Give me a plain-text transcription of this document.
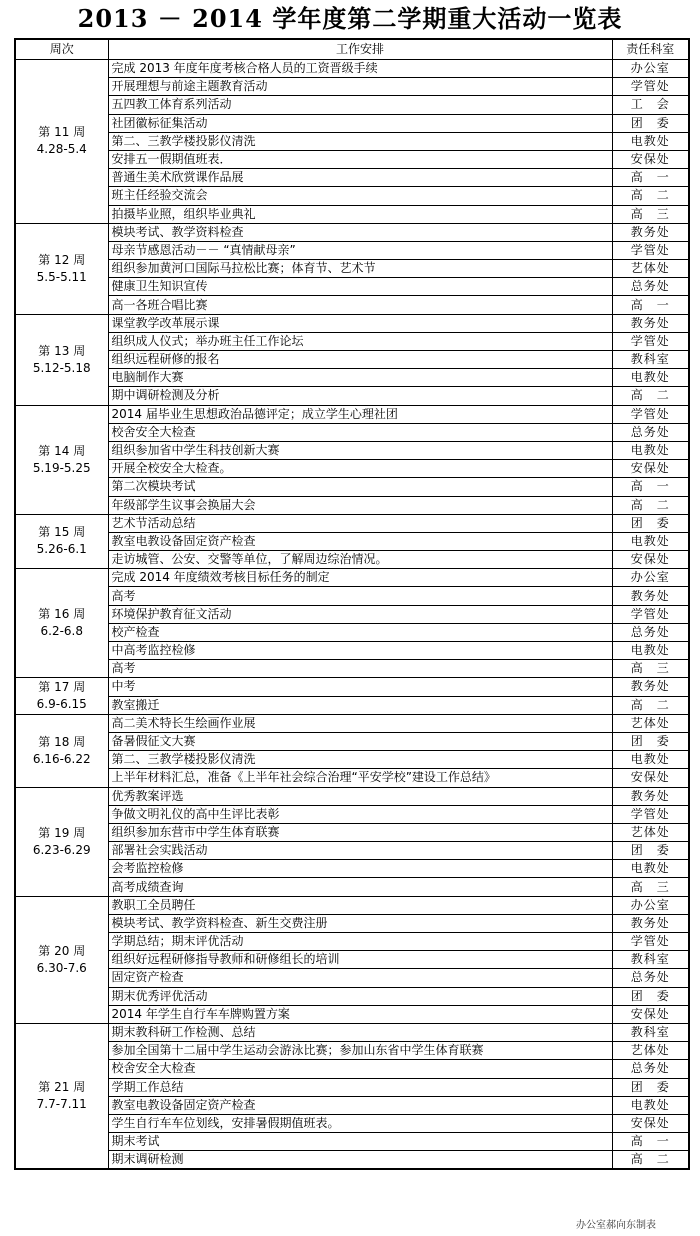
2013 － 2014 学年度第二学期重大活动一览表
周次	工作安排	责任科室

第 11 周
4.28-5.4	完成 2013 年度年度考核合格人员的工资晋级手续	办公室
	开展理想与前途主题教育活动	学管处
	五四教工体育系列活动	工　会
	社团徽标征集活动	团　委
	第二、三教学楼投影仪清洗	电教处
	安排五一假期值班表．	安保处
	普通生美术欣赏课作品展	高　一
	班主任经验交流会	高　二
	拍摄毕业照，组织毕业典礼	高　三

第 12 周
5.5-5.11	模块考试、教学资料检查	教务处
	母亲节感恩活动－－ “真情献母亲”	学管处
	组织参加黄河口国际马拉松比赛；体育节、艺术节	艺体处
	健康卫生知识宣传	总务处
	高一各班合唱比赛	高　一

第 13 周
5.12-5.18	课堂教学改革展示课	教务处
	组织成人仪式；举办班主任工作论坛	学管处
	组织远程研修的报名	教科室
	电脑制作大赛	电教处
	期中调研检测及分析	高　二

第 14 周
5.19-5.25	2014 届毕业生思想政治品德评定；成立学生心理社团	学管处
	校舍安全大检查	总务处
	组织参加省中学生科技创新大赛	电教处
	开展全校安全大检查。	安保处
	第二次模块考试	高　一
	年级部学生议事会换届大会	高　二

第 15 周
5.26-6.1	艺术节活动总结	团　委
	教室电教设备固定资产检查	电教处
	走访城管、公安、交警等单位，了解周边综治情况。	安保处

第 16 周
6.2-6.8	完成 2014 年度绩效考核目标任务的制定	办公室
	高考	教务处
	环境保护教育征文活动	学管处
	校产检查	总务处
	中高考监控检修	电教处
	高考	高　三

第 17 周
6.9-6.15	中考	教务处
	教室搬迁	高　二

第 18 周
6.16-6.22	高二美术特长生绘画作业展	艺体处
	备暑假征文大赛	团　委
	第二、三教学楼投影仪清洗	电教处
	上半年材料汇总，准备《上半年社会综合治理“平安学校”建设工作总结》	安保处

第 19 周
6.23-6.29	优秀教案评选	教务处
	争做文明礼仪的高中生评比表彰	学管处
	组织参加东营市中学生体育联赛	艺体处
	部署社会实践活动	团　委
	会考监控检修	电教处
	高考成绩查询	高　三

第 20 周
6.30-7.6	教职工全员聘任	办公室
	模块考试、教学资料检查、新生交费注册	教务处
	学期总结；期末评优活动	学管处
	组织好远程研修指导教师和研修组长的培训	教科室
	固定资产检查	总务处
	期末优秀评优活动	团　委
	2014 年学生自行车车牌购置方案	安保处

第 21 周
7.7-7.11	期末教科研工作检测、总结	教科室
	参加全国第十二届中学生运动会游泳比赛；参加山东省中学生体育联赛	艺体处
	校舍安全大检查	总务处
	学期工作总结	团　委
	教室电教设备固定资产检查	电教处
	学生自行车车位划线，安排暑假期值班表。	安保处
	期末考试	高　一
	期末调研检测	高　二
办公室郝向东制表
